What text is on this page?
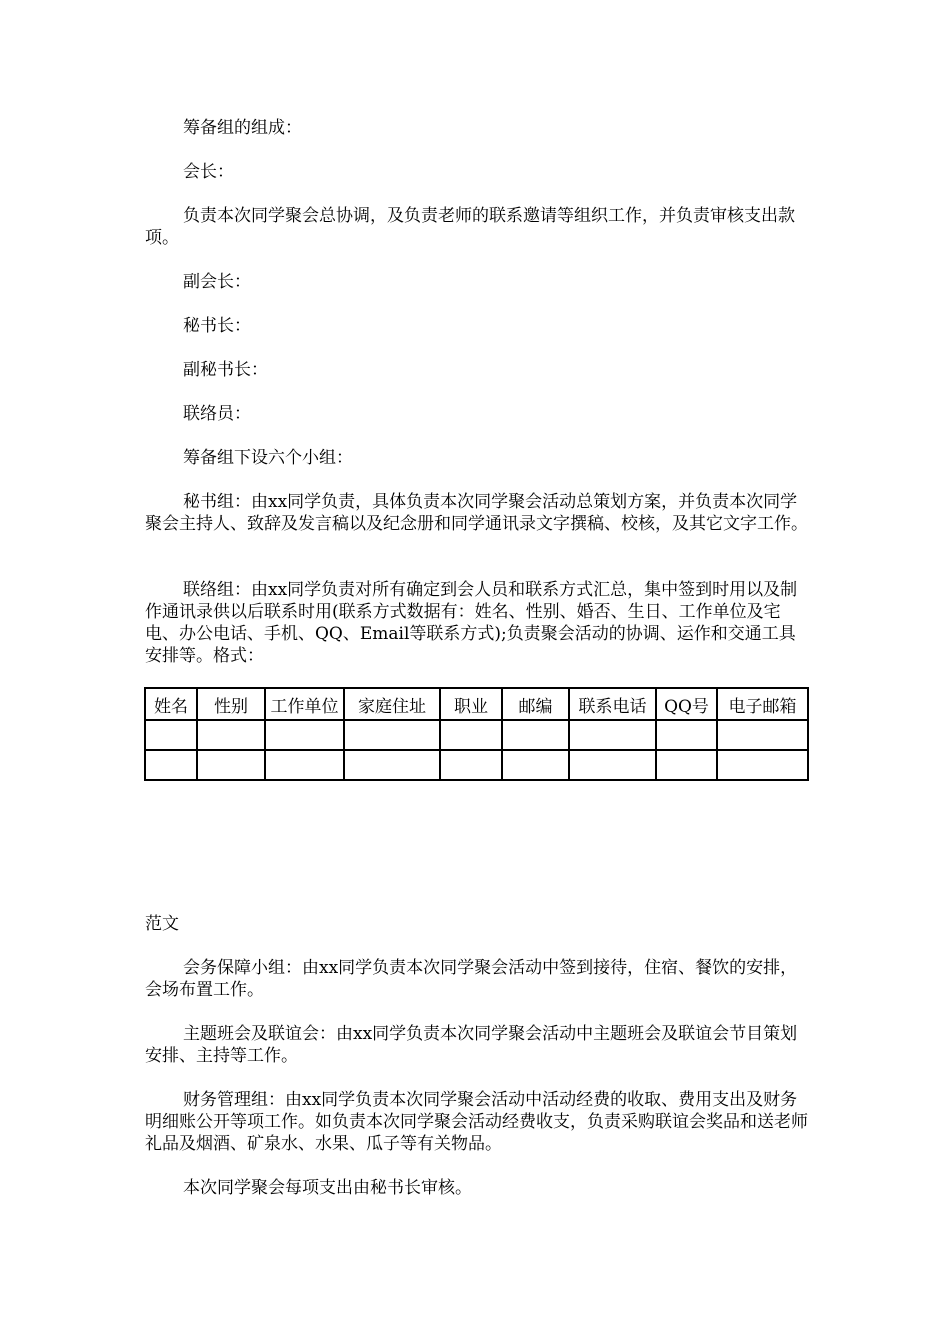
筹备组的组成：

会长：

负责本次同学聚会总协调，及负责老师的联系邀请等组织工作，并负责审核支出款项。

副会长：

秘书长：

副秘书长：

联络员：

筹备组下设六个小组：

秘书组：由xx同学负责，具体负责本次同学聚会活动总策划方案，并负责本次同学聚会主持人、致辞及发言稿以及纪念册和同学通讯录文字撰稿、校核，及其它文字工作。

联络组：由xx同学负责对所有确定到会人员和联系方式汇总，集中签到时用以及制作通讯录供以后联系时用(联系方式数据有：姓名、性别、婚否、生日、工作单位及宅电、办公电话、手机、QQ、Email等联系方式);负责聚会活动的协调、运作和交通工具安排等。格式：

姓名	性别	工作单位	家庭住址	职业	邮编	联系电话	QQ号	电子邮箱

范文

会务保障小组：由xx同学负责本次同学聚会活动中签到接待，住宿、餐饮的安排，会场布置工作。

主题班会及联谊会：由xx同学负责本次同学聚会活动中主题班会及联谊会节目策划安排、主持等工作。

财务管理组：由xx同学负责本次同学聚会活动中活动经费的收取、费用支出及财务明细账公开等项工作。如负责本次同学聚会活动经费收支，负责采购联谊会奖品和送老师礼品及烟酒、矿泉水、水果、瓜子等有关物品。

本次同学聚会每项支出由秘书长审核。
